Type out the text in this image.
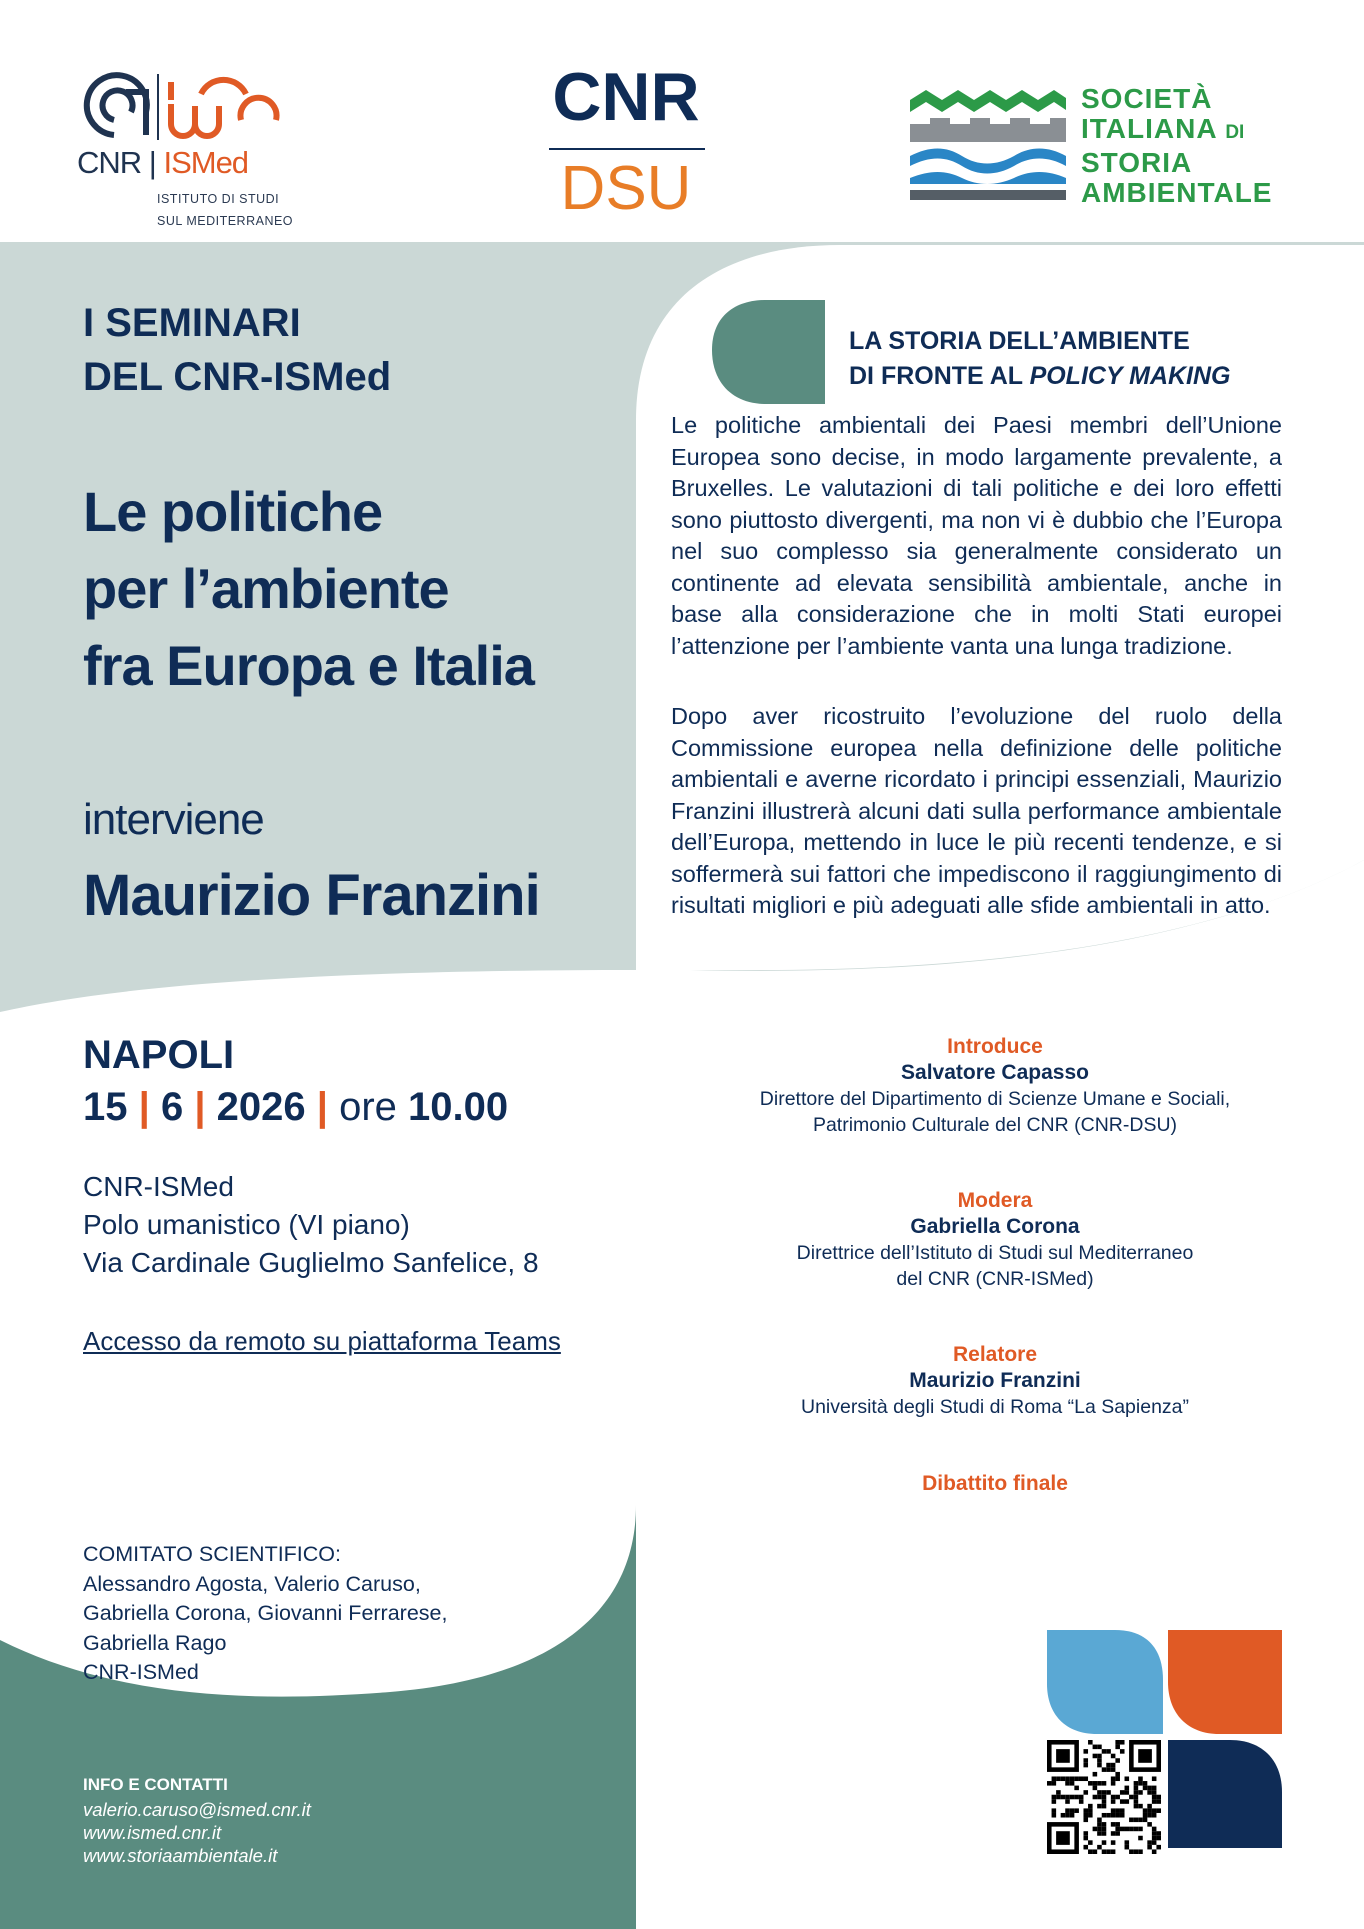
CNR | ISMed
ISTITUTO DI STUDI
SUL MEDITERRANEO
CNR
DSU
SOCIETÀ
ITALIANA DI
STORIA
AMBIENTALE
I SEMINARI
DEL CNR-ISMed
Le politiche
per l’ambiente
fra Europa e Italia
interviene
Maurizio Franzini
LA STORIA DELL’AMBIENTE
DI FRONTE AL POLICY MAKING

Le politiche ambientali dei Paesi membri dell’Unione Europea sono decise, in modo largamente prevalente, a Bruxelles. Le valutazioni di tali politiche e dei loro effetti sono piuttosto divergenti, ma non vi è dubbio che l’Europa nel suo complesso sia generalmente considerato un continente ad elevata sensibilità ambientale, anche in base alla considerazione che in molti Stati europei l’attenzione per l’ambiente vanta una lunga tradizione.

Dopo aver ricostruito l’evoluzione del ruolo della Commissione europea nella definizione delle politiche ambientali e averne ricordato i principi essenziali, Maurizio Franzini illustrerà alcuni dati sulla performance ambientale dell’Europa, mettendo in luce le più recenti tendenze, e si soffermerà sui fattori che impediscono il raggiungimento di risultati migliori e più adeguati alle sfide ambientali in atto.

NAPOLI
15 | 6 | 2026 | ore 10.00
CNR-ISMed
Polo umanistico (VI piano)
Via Cardinale Guglielmo Sanfelice, 8
Accesso da remoto su piattaforma Teams
Introduce
Salvatore Capasso
Direttore del Dipartimento di Scienze Umane e Sociali,
Patrimonio Culturale del CNR (CNR-DSU)
Modera
Gabriella Corona
Direttrice dell’Istituto di Studi sul Mediterraneo
del CNR (CNR-ISMed)
Relatore
Maurizio Franzini
Università degli Studi di Roma “La Sapienza”
Dibattito finale
COMITATO SCIENTIFICO:
Alessandro Agosta, Valerio Caruso,
Gabriella Corona, Giovanni Ferrarese,
Gabriella Rago
CNR-ISMed
INFO E CONTATTI
valerio.caruso@ismed.cnr.it
www.ismed.cnr.it
www.storiaambientale.it
